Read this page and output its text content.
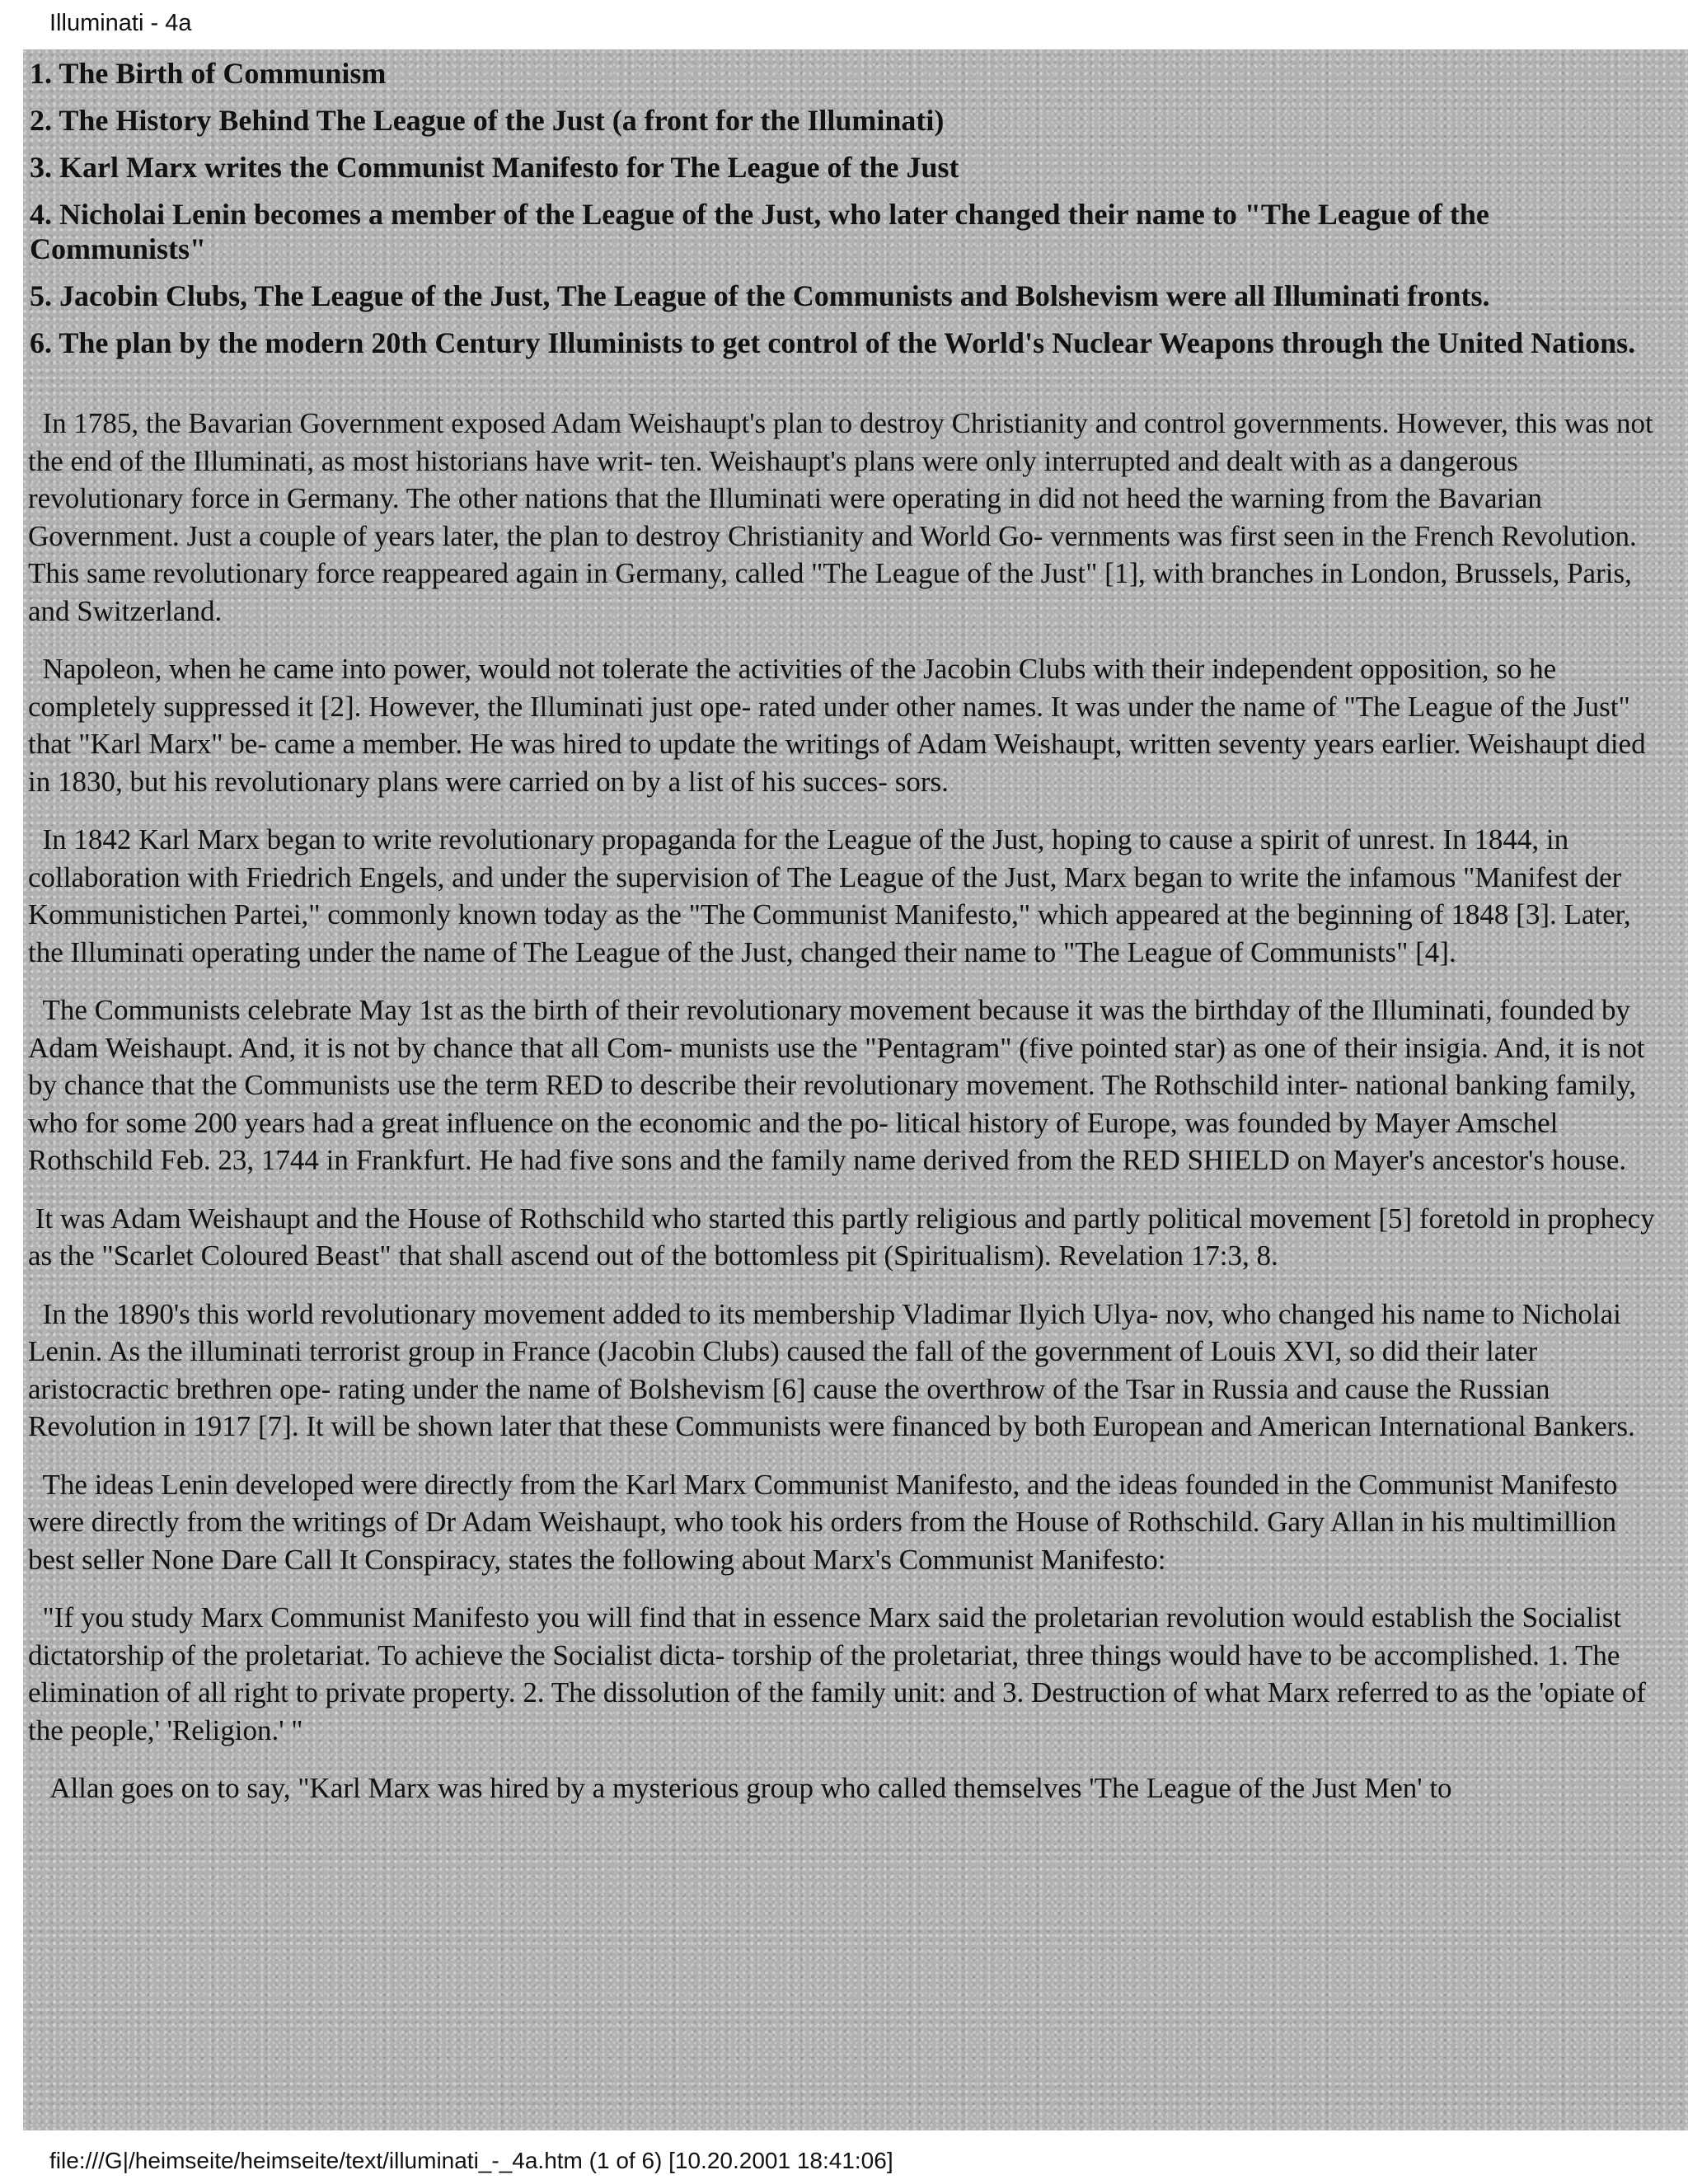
Illuminati - 4a
1. The Birth of Communism
2. The History Behind The League of the Just (a front for the Illuminati)
3. Karl Marx writes the Communist Manifesto for The League of the Just
4. Nicholai Lenin becomes a member of the League of the Just, who later changed their name to "The League of the Communists"
5. Jacobin Clubs, The League of the Just, The League of the Communists and Bolshevism were all Illuminati fronts.
6. The plan by the modern 20th Century Illuminists to get control of the World's Nuclear Weapons through the United Nations.

In 1785, the Bavarian Government exposed Adam Weishaupt's plan to destroy Christianity and control governments. However, this was not the end of the Illuminati, as most historians have writ- ten. Weishaupt's plans were only interrupted and dealt with as a dangerous revolutionary force in Germany. The other nations that the Illuminati were operating in did not heed the warning from the Bavarian Government. Just a couple of years later, the plan to destroy Christianity and World Go- vernments was first seen in the French Revolution. This same revolutionary force reappeared again in Germany, called "The League of the Just" [1], with branches in London, Brussels, Paris, and Switzerland.

Napoleon, when he came into power, would not tolerate the activities of the Jacobin Clubs with their independent opposition, so he completely suppressed it [2]. However, the Illuminati just ope- rated under other names. It was under the name of "The League of the Just" that "Karl Marx" be- came a member. He was hired to update the writings of Adam Weishaupt, written seventy years earlier. Weishaupt died in 1830, but his revolutionary plans were carried on by a list of his succes- sors.

In 1842 Karl Marx began to write revolutionary propaganda for the League of the Just, hoping to cause a spirit of unrest. In 1844, in collaboration with Friedrich Engels, and under the supervision of The League of the Just, Marx began to write the infamous "Manifest der Kommunistichen Partei," commonly known today as the "The Communist Manifesto," which appeared at the beginning of 1848 [3]. Later, the Illuminati operating under the name of The League of the Just, changed their name to "The League of Communists" [4].

The Communists celebrate May 1st as the birth of their revolutionary movement because it was the birthday of the Illuminati, founded by Adam Weishaupt. And, it is not by chance that all Com- munists use the "Pentagram" (five pointed star) as one of their insigia. And, it is not by chance that the Communists use the term RED to describe their revolutionary movement. The Rothschild inter- national banking family, who for some 200 years had a great influence on the economic and the po- litical history of Europe, was founded by Mayer Amschel Rothschild Feb. 23, 1744 in Frankfurt. He had five sons and the family name derived from the RED SHIELD on Mayer's ancestor's house.

It was Adam Weishaupt and the House of Rothschild who started this partly religious and partly political movement [5] foretold in prophecy as the "Scarlet Coloured Beast" that shall ascend out of the bottomless pit (Spiritualism). Revelation 17:3, 8.

In the 1890's this world revolutionary movement added to its membership Vladimar Ilyich Ulya- nov, who changed his name to Nicholai Lenin. As the illuminati terrorist group in France (Jacobin Clubs) caused the fall of the government of Louis XVI, so did their later aristocractic brethren ope- rating under the name of Bolshevism [6] cause the overthrow of the Tsar in Russia and cause the Russian Revolution in 1917 [7]. It will be shown later that these Communists were financed by both European and American International Bankers.

The ideas Lenin developed were directly from the Karl Marx Communist Manifesto, and the ideas founded in the Communist Manifesto were directly from the writings of Dr Adam Weishaupt, who took his orders from the House of Rothschild. Gary Allan in his multimillion best seller None Dare Call It Conspiracy, states the following about Marx's Communist Manifesto:

"If you study Marx Communist Manifesto you will find that in essence Marx said the proletarian revolution would establish the Socialist dictatorship of the proletariat. To achieve the Socialist dicta- torship of the proletariat, three things would have to be accomplished. 1. The elimination of all right to private property. 2. The dissolution of the family unit: and 3. Destruction of what Marx referred to as the 'opiate of the people,' 'Religion.' "

Allan goes on to say, "Karl Marx was hired by a mysterious group who called themselves 'The League of the Just Men' to

file:///G|/heimseite/heimseite/text/illuminati_-_4a.htm (1 of 6) [10.20.2001 18:41:06]
